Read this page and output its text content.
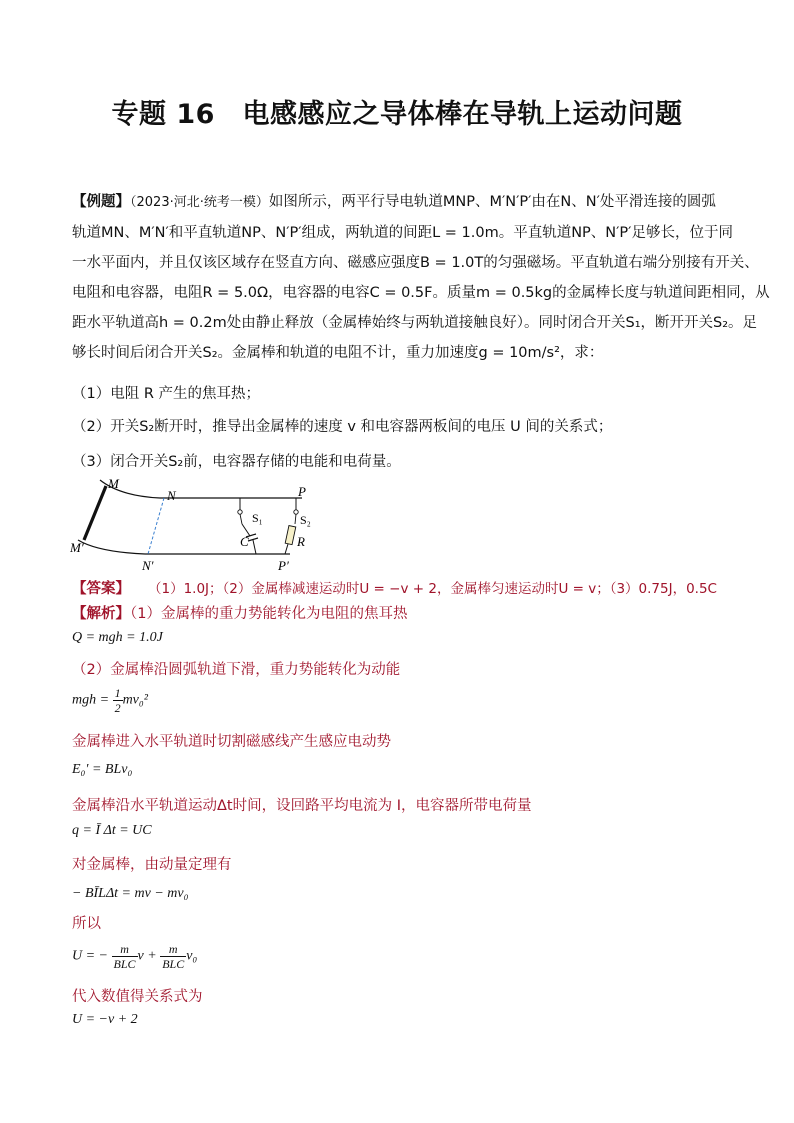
专题 16　电感感应之导体棒在导轨上运动问题
【例题】（2023·河北·统考一模）如图所示，两平行导电轨道MNP、M′N′P′由在N、N′处平滑连接的圆弧
轨道MN、M′N′和平直轨道NP、N′P′组成，两轨道的间距L = 1.0m。平直轨道NP、N′P′足够长，位于同
一水平面内，并且仅该区域存在竖直方向、磁感应强度B = 1.0T的匀强磁场。平直轨道右端分别接有开关、
电阻和电容器，电阻R = 5.0Ω，电容器的电容C = 0.5F。质量m = 0.5kg的金属棒长度与轨道间距相同，从
距水平轨道高h = 0.2m处由静止释放（金属棒始终与两轨道接触良好）。同时闭合开关S₁，断开开关S₂。足
够长时间后闭合开关S₂。金属棒和轨道的电阻不计，重力加速度g = 10m/s²，求：
（1）电阻 R 产生的焦耳热；
（2）开关S₂断开时，推导出金属棒的速度 v 和电容器两板间的电压 U 间的关系式；
（3）闭合开关S₂前，电容器存储的电能和电荷量。
M
N	P
M′
N′	P′
S₁	S₂
C	R
【答案】 （1）1.0J；（2）金属棒减速运动时U = −v + 2，金属棒匀速运动时U = v；（3）0.75J，0.5C
【解析】（1）金属棒的重力势能转化为电阻的焦耳热
Q = mgh = 1.0J
（2）金属棒沿圆弧轨道下滑，重力势能转化为动能
mgh = $\frac{1}{2} mv_0^2$
金属棒进入水平轨道时切割磁感线产生感应电动势
E₀′ = BLv₀
金属棒沿水平轨道运动Δt时间，设回路平均电流为 I，电容器所带电荷量
q = Ī Δt = UC
对金属棒，由动量定理有
− BĪLΔt = mv − mv₀
所以
U = − $\frac{m}{\text{BLC}}$ $v + \frac{m}{\text{BLC}} v_0$
代入数值得关系式为
U = −v + 2
